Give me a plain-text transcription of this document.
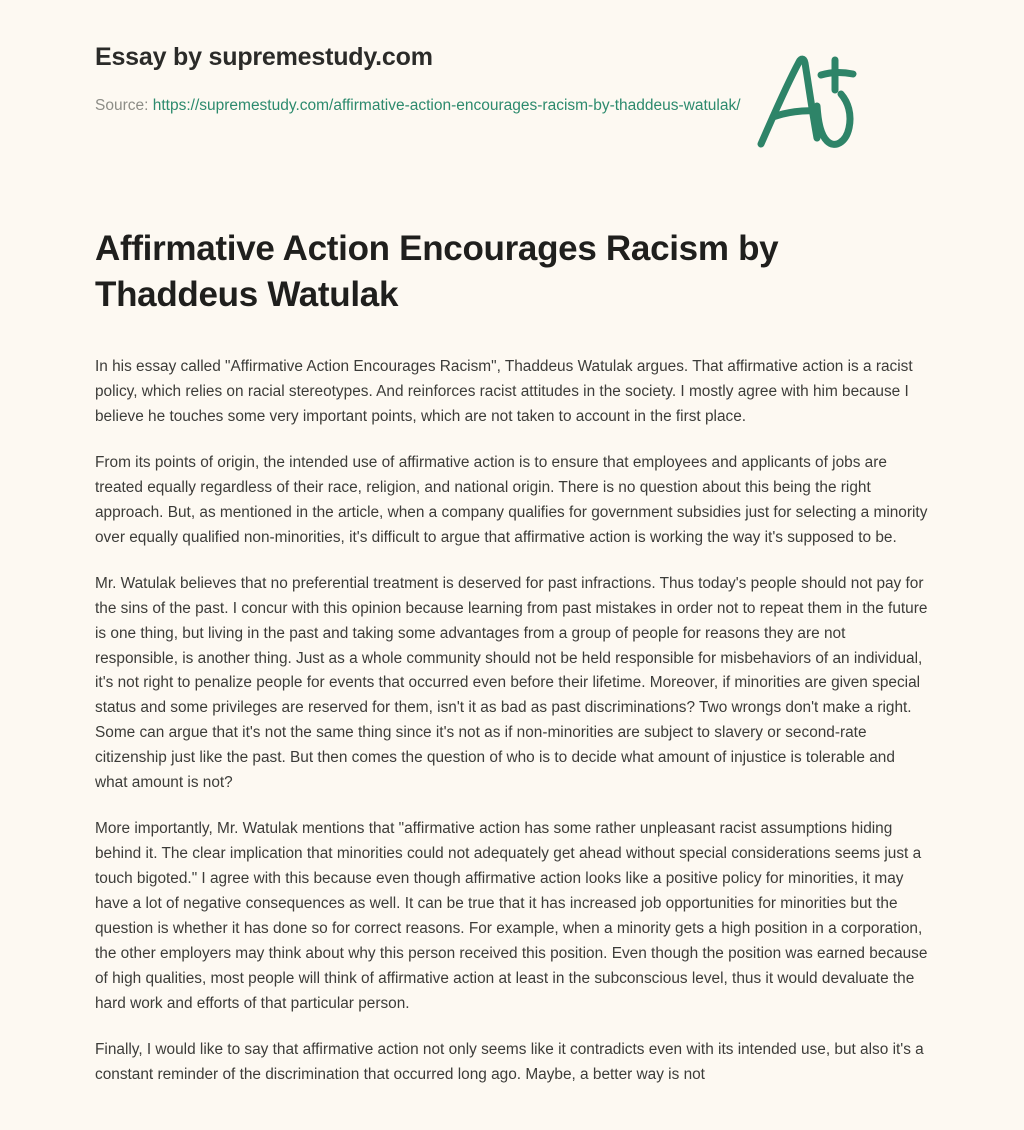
Essay by supremestudy.com

Source: https://supremestudy.com/affirmative-action-encourages-racism-by-thaddeus-watulak/

Affirmative Action Encourages Racism by Thaddeus Watulak

In his essay called "Affirmative Action Encourages Racism", Thaddeus Watulak argues. That affirmative action is a racist policy, which relies on racial stereotypes. And reinforces racist attitudes in the society. I mostly agree with him because I believe he touches some very important points, which are not taken to account in the first place.

From its points of origin, the intended use of affirmative action is to ensure that employees and applicants of jobs are treated equally regardless of their race, religion, and national origin. There is no question about this being the right approach. But, as mentioned in the article, when a company qualifies for government subsidies just for selecting a minority over equally qualified non-minorities, it's difficult to argue that affirmative action is working the way it's supposed to be.

Mr. Watulak believes that no preferential treatment is deserved for past infractions. Thus today's people should not pay for the sins of the past. I concur with this opinion because learning from past mistakes in order not to repeat them in the future is one thing, but living in the past and taking some advantages from a group of people for reasons they are not responsible, is another thing. Just as a whole community should not be held responsible for misbehaviors of an individual, it's not right to penalize people for events that occurred even before their lifetime. Moreover, if minorities are given special status and some privileges are reserved for them, isn't it as bad as past discriminations? Two wrongs don't make a right. Some can argue that it's not the same thing since it's not as if non-minorities are subject to slavery or second-rate citizenship just like the past. But then comes the question of who is to decide what amount of injustice is tolerable and what amount is not?

More importantly, Mr. Watulak mentions that "affirmative action has some rather unpleasant racist assumptions hiding behind it. The clear implication that minorities could not adequately get ahead without special considerations seems just a touch bigoted." I agree with this because even though affirmative action looks like a positive policy for minorities, it may have a lot of negative consequences as well. It can be true that it has increased job opportunities for minorities but the question is whether it has done so for correct reasons. For example, when a minority gets a high position in a corporation, the other employers may think about why this person received this position. Even though the position was earned because of high qualities, most people will think of affirmative action at least in the subconscious level, thus it would devaluate the hard work and efforts of that particular person.

Finally, I would like to say that affirmative action not only seems like it contradicts even with its intended use, but also it's a constant reminder of the discrimination that occurred long ago. Maybe, a better way is not
